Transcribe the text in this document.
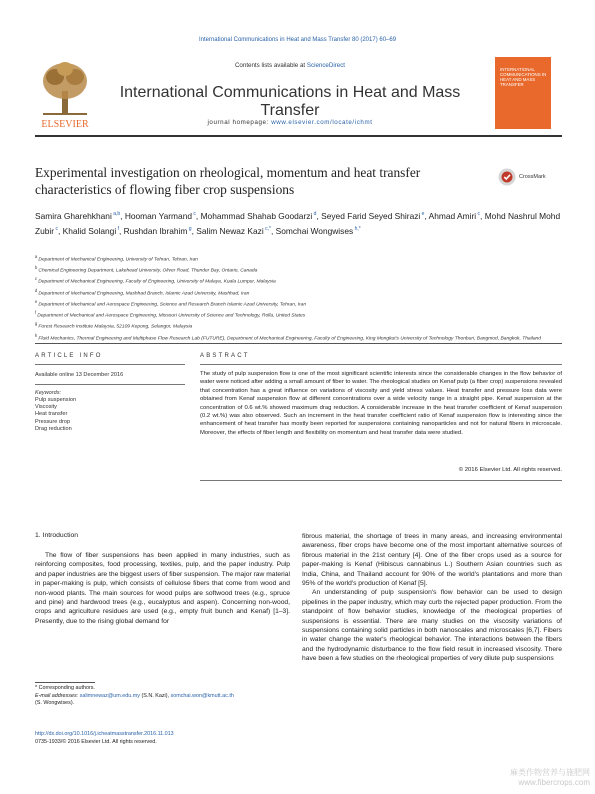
International Communications in Heat and Mass Transfer 80 (2017) 60–69
ELSEVIER
Contents lists available at ScienceDirect
International Communications in Heat and Mass Transfer
journal homepage: www.elsevier.com/locate/ichmt
INTERNATIONAL COMMUNICATIONS IN HEAT AND MASS TRANSFER
Experimental investigation on rheological, momentum and heat transfer characteristics of flowing fiber crop suspensions
CrossMark
Samira Gharehkhani $^{a,b}$, Hooman Yarmand $^c$, Mohammad Shahab Goodarzi $^d$, Seyed Farid Seyed Shirazi $^e$, Ahmad Amiri $^c$, Mohd Nashrul Mohd Zubir $^c$, Khalid Solangi $^f$, Rushdan Ibrahim $^g$, Salim Newaz Kazi $^{c,*}$, Somchai Wongwises $^{h,*}$
$^a$ Department of Mechanical Engineering, University of Tehran, Tehran, Iran
$^b$ Chemical Engineering Department, Lakehead University, Oliver Road, Thunder Bay, Ontario, Canada
$^c$ Department of Mechanical Engineering, Faculty of Engineering, University of Malaya, Kuala Lumpur, Malaysia
$^d$ Department of Mechanical Engineering, Mashhad Branch, Islamic Azad University, Mashhad, Iran
$^e$ Department of Mechanical and Aerospace Engineering, Science and Research Branch Islamic Azad University, Tehran, Iran
$^f$ Department of Mechanical and Aerospace Engineering, Missouri University of Science and Technology, Rolla, United States
$^g$ Forest Research Institute Malaysia, 52109 Kepong, Selangor, Malaysia
$^h$ Fluid Mechanics, Thermal Engineering and Multiphase Flow Research Lab (FUTURE), Department of Mechanical Engineering, Faculty of Engineering, King Mongkut's University of Technology Thonburi, Bangmod, Bangkok, Thailand
ARTICLE INFO	ABSTRACT
Available online 13 December 2016
Keywords:
Pulp suspension
Viscosity
Heat transfer
Pressure drop
Drag reduction
The study of pulp suspension flow is one of the most significant scientific interests since the considerable changes in the flow behavior of water were noticed after adding a small amount of fiber to water. The rheological studies on Kenaf pulp (a fiber crop) suspensions revealed that concentration has a great influence on variations of viscosity and yield stress values. Heat transfer and pressure loss data were obtained from Kenaf suspension flow at different concentrations over a wide velocity range in a straight pipe. Kenaf suspension at the concentration of 0.6 wt.% showed maximum drag reduction. A considerable increase in the heat transfer coefficient of Kenaf suspension (0.2 wt.%) was also observed. Such an increment in the heat transfer coefficient ratio of Kenaf suspension flow is interesting since the enhancement of heat transfer has mostly been reported for suspensions containing nanoparticles and not for natural fibers in microscale. Moreover, the effects of fiber length and flexibility on momentum and heat transfer data were studied.
© 2016 Elsevier Ltd. All rights reserved.
1. Introduction

The flow of fiber suspensions has been applied in many industries, such as reinforcing composites, food processing, textiles, pulp, and the paper industry. Pulp and paper industries are the biggest users of fiber suspension. The major raw material in paper-making is pulp, which consists of cellulose fibers that come from wood and non-wood plants. The main sources for wood pulps are softwood trees (e.g., spruce and pine) and hardwood trees (e.g., eucalyptus and aspen). Concerning non-wood, crops and agriculture residues are used (e.g., empty fruit bunch and Kenaf) [1–3]. Presently, due to the rising global demand for

fibrous material, the shortage of trees in many areas, and increasing environmental awareness, fiber crops have become one of the most important alternative sources of fibrous material in the 21st century [4]. One of the fiber crops used as a source for paper-making is Kenaf (Hibiscus cannabinus L.) Southern Asian countries such as India, China, and Thailand account for 90% of the world's plantations and more than 95% of the world's production of Kenaf [5].

An understanding of pulp suspension's flow behavior can be used to design pipelines in the paper industry, which may curb the rejected paper production. From the standpoint of flow behavior studies, knowledge of the rheological properties of suspensions is essential. There are many studies on the viscosity variations of suspensions containing solid particles in both nanoscales and microscales [6,7]. Fibers in water change the water's rheological behavior. The interactions between the fibers and the hydrodynamic disturbance to the flow field result in increased viscosity. There have been a few studies on the rheological properties of very dilute pulp suspensions

* Corresponding authors.
E-mail addresses: salimnewaz@um.edu.my (S.N. Kazi), somchai.won@kmutt.ac.th
(S. Wongwises).
http://dx.doi.org/10.1016/j.icheatmasstransfer.2016.11.013
0735-1933/© 2016 Elsevier Ltd. All rights reserved.
麻类作物营养与施肥网 www.fibercrops.com
